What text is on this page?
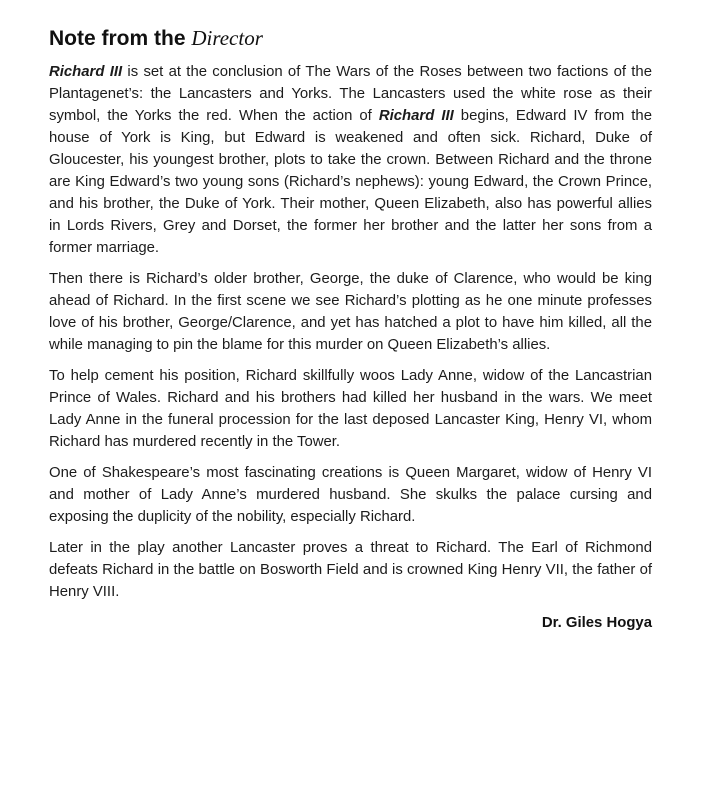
Note from the Director

Richard III is set at the conclusion of The Wars of the Roses between two factions of the Plantagenet’s: the Lancasters and Yorks. The Lancasters used the white rose as their symbol, the Yorks the red. When the action of Richard III begins, Edward IV from the house of York is King, but Edward is weakened and often sick. Richard, Duke of Gloucester, his youngest brother, plots to take the crown. Between Richard and the throne are King Edward’s two young sons (Richard’s nephews): young Edward, the Crown Prince, and his brother, the Duke of York. Their mother, Queen Elizabeth, also has powerful allies in Lords Rivers, Grey and Dorset, the former her brother and the latter her sons from a former marriage.

Then there is Richard’s older brother, George, the duke of Clarence, who would be king ahead of Richard. In the first scene we see Richard’s plotting as he one minute professes love of his brother, George/Clarence, and yet has hatched a plot to have him killed, all the while managing to pin the blame for this murder on Queen Elizabeth’s allies.

To help cement his position, Richard skillfully woos Lady Anne, widow of the Lancastrian Prince of Wales. Richard and his brothers had killed her husband in the wars. We meet Lady Anne in the funeral procession for the last deposed Lancaster King, Henry VI, whom Richard has murdered recently in the Tower.

One of Shakespeare’s most fascinating creations is Queen Margaret, widow of Henry VI and mother of Lady Anne’s murdered husband. She skulks the palace cursing and exposing the duplicity of the nobility, especially Richard.

Later in the play another Lancaster proves a threat to Richard. The Earl of Richmond defeats Richard in the battle on Bosworth Field and is crowned King Henry VII, the father of Henry VIII.

Dr. Giles Hogya
